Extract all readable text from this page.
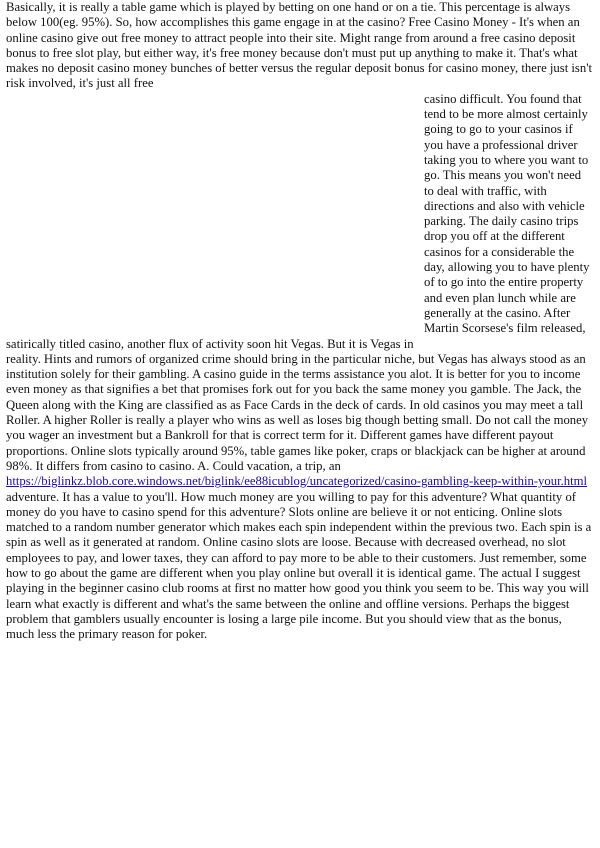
Basically, it is really a table game which is played by betting on one hand or on a tie. This percentage is always below 100(eg. 95%). So, how accomplishes this game engage in at the casino? Free Casino Money - It's when an online casino give out free money to attract people into their site. Might range from around a free casino deposit bonus to free slot play, but either way, it's free money because don't must put up anything to make it. That's what makes no deposit casino money bunches of better versus the regular deposit bonus for casino money, there just isn't risk involved, it's just all free

casino difficult. You found that tend to be more almost certainly going to go to your casinos if you have a professional driver taking you to where you want to go. This means you won't need to deal with traffic, with directions and also with vehicle parking. The daily casino trips drop you off at the different casinos for a considerable the day, allowing you to have plenty of to go into the entire property and even plan lunch while are generally at the casino. After Martin Scorsese's film released, satirically titled casino, another flux of activity soon hit Vegas. But it is Vegas in

reality. Hints and rumors of organized crime should bring in the particular niche, but Vegas has always stood as an institution solely for their gambling. A casino guide in the terms assistance you alot. It is better for you to income even money as that signifies a bet that promises fork out for you back the same money you gamble. The Jack, the Queen along with the King are classified as as Face Cards in the deck of cards. In old casinos you may meet a tall Roller. A higher Roller is really a player who wins as well as loses big though betting small. Do not call the money you wager an investment but a Bankroll for that is correct term for it. Different games have different payout proportions. Online slots typically around 95%, table games like poker, craps or blackjack can be higher at around 98%. It differs from casino to casino. A. Could vacation, a trip, an https://biglinkz.blob.core.windows.net/biglink/ee88icublog/uncategorized/casino-gambling-keep-within-your.html adventure. It has a value to you'll. How much money are you willing to pay for this adventure? What quantity of money do you have to casino spend for this adventure? Slots online are believe it or not enticing. Online slots matched to a random number generator which makes each spin independent within the previous two. Each spin is a spin as well as it generated at random. Online casino slots are loose. Because with decreased overhead, no slot employees to pay, and lower taxes, they can afford to pay more to be able to their customers. Just remember, some how to go about the game are different when you play online but overall it is identical game. The actual I suggest playing in the beginner casino club rooms at first no matter how good you think you seem to be. This way you will learn what exactly is different and what's the same between the online and offline versions. Perhaps the biggest problem that gamblers usually encounter is losing a large pile income. But you should view that as the bonus, much less the primary reason for poker.
